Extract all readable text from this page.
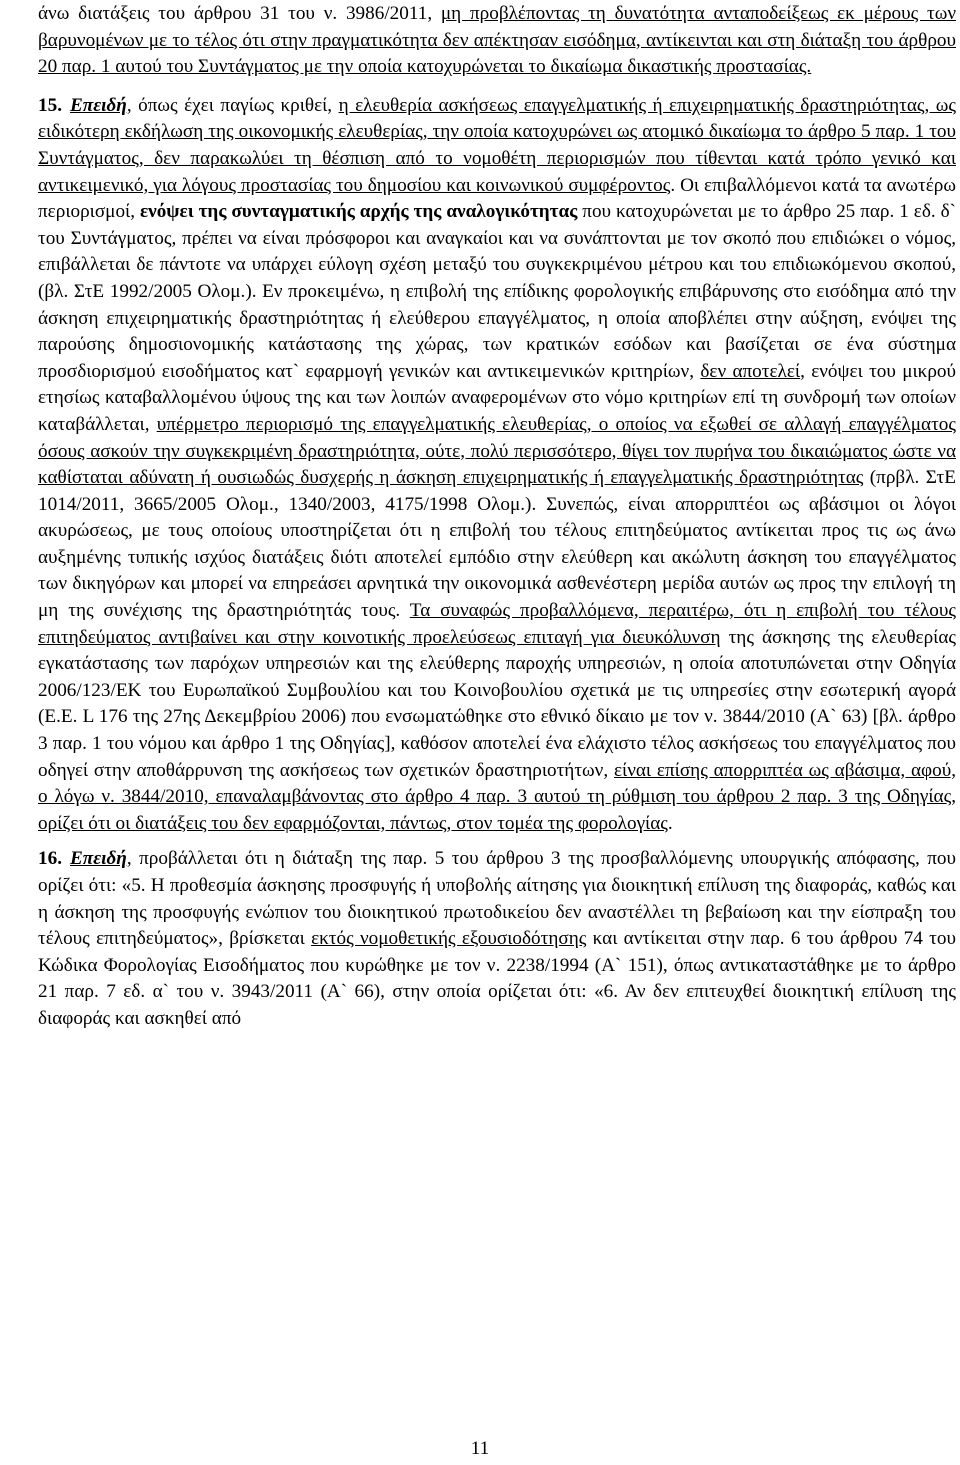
άνω διατάξεις του άρθρου 31 του ν. 3986/2011, μη προβλέποντας τη δυνατότητα ανταποδείξεως εκ μέρους των βαρυνομένων με το τέλος ότι στην πραγματικότητα δεν απέκτησαν εισόδημα, αντίκεινται και στη διάταξη του άρθρου 20 παρ. 1 αυτού του Συντάγματος με την οποία κατοχυρώνεται το δικαίωμα δικαστικής προστασίας.

15. Επειδή, όπως έχει παγίως κριθεί, η ελευθερία ασκήσεως επαγγελματικής ή επιχειρηματικής δραστηριότητας, ως ειδικότερη εκδήλωση της οικονομικής ελευθερίας, την οποία κατοχυρώνει ως ατομικό δικαίωμα το άρθρο 5 παρ. 1 του Συντάγματος, δεν παρακωλύει τη θέσπιση από το νομοθέτη περιορισμών που τίθενται κατά τρόπο γενικό και αντικειμενικό, για λόγους προστασίας του δημοσίου και κοινωνικού συμφέροντος. Οι επιβαλλόμενοι κατά τα ανωτέρω περιορισμοί, ενόψει της συνταγματικής αρχής της αναλογικότητας που κατοχυρώνεται με το άρθρο 25 παρ. 1 εδ. δ` του Συντάγματος, πρέπει να είναι πρόσφοροι και αναγκαίοι και να συνάπτονται με τον σκοπό που επιδιώκει ο νόμος, επιβάλλεται δε πάντοτε να υπάρχει εύλογη σχέση μεταξύ του συγκεκριμένου μέτρου και του επιδιωκόμενου σκοπού, (βλ. ΣτΕ 1992/2005 Ολομ.). Εν προκειμένω, η επιβολή της επίδικης φορολογικής επιβάρυνσης στο εισόδημα από την άσκηση επιχειρηματικής δραστηριότητας ή ελεύθερου επαγγέλματος, η οποία αποβλέπει στην αύξηση, ενόψει της παρούσης δημοσιονομικής κατάστασης της χώρας, των κρατικών εσόδων και βασίζεται σε ένα σύστημα προσδιορισμού εισοδήματος κατ` εφαρμογή γενικών και αντικειμενικών κριτηρίων, δεν αποτελεί, ενόψει του μικρού ετησίως καταβαλλομένου ύψους της και των λοιπών αναφερομένων στο νόμο κριτηρίων επί τη συνδρομή των οποίων καταβάλλεται, υπέρμετρο περιορισμό της επαγγελματικής ελευθερίας, ο οποίος να εξωθεί σε αλλαγή επαγγέλματος όσους ασκούν την συγκεκριμένη δραστηριότητα, ούτε, πολύ περισσότερο, θίγει τον πυρήνα του δικαιώματος ώστε να καθίσταται αδύνατη ή ουσιωδώς δυσχερής η άσκηση επιχειρηματικής ή επαγγελματικής δραστηριότητας (πρβλ. ΣτΕ 1014/2011, 3665/2005 Ολομ., 1340/2003, 4175/1998 Ολομ.). Συνεπώς, είναι απορριπτέοι ως αβάσιμοι οι λόγοι ακυρώσεως, με τους οποίους υποστηρίζεται ότι η επιβολή του τέλους επιτηδεύματος αντίκειται προς τις ως άνω αυξημένης τυπικής ισχύος διατάξεις διότι αποτελεί εμπόδιο στην ελεύθερη και ακώλυτη άσκηση του επαγγέλματος των δικηγόρων και μπορεί να επηρεάσει αρνητικά την οικονομικά ασθενέστερη μερίδα αυτών ως προς την επιλογή τη μη της συνέχισης της δραστηριότητάς τους. Τα συναφώς προβαλλόμενα, περαιτέρω, ότι η επιβολή του τέλους επιτηδεύματος αντιβαίνει και στην κοινοτικής προελεύσεως επιταγή για διευκόλυνση της άσκησης της ελευθερίας εγκατάστασης των παρόχων υπηρεσιών και της ελεύθερης παροχής υπηρεσιών, η οποία αποτυπώνεται στην Οδηγία 2006/123/ΕΚ του Ευρωπαϊκού Συμβουλίου και του Κοινοβουλίου σχετικά με τις υπηρεσίες στην εσωτερική αγορά (Ε.Ε. L 176 της 27ης Δεκεμβρίου 2006) που ενσωματώθηκε στο εθνικό δίκαιο με τον ν. 3844/2010 (Α` 63) [βλ. άρθρο 3 παρ. 1 του νόμου και άρθρο 1 της Οδηγίας], καθόσον αποτελεί ένα ελάχιστο τέλος ασκήσεως του επαγγέλματος που οδηγεί στην αποθάρρυνση της ασκήσεως των σχετικών δραστηριοτήτων, είναι επίσης απορριπτέα ως αβάσιμα, αφού, ο λόγω ν. 3844/2010, επαναλαμβάνοντας στο άρθρο 4 παρ. 3 αυτού τη ρύθμιση του άρθρου 2 παρ. 3 της Οδηγίας, ορίζει ότι οι διατάξεις του δεν εφαρμόζονται, πάντως, στον τομέα της φορολογίας.

16. Επειδή, προβάλλεται ότι η διάταξη της παρ. 5 του άρθρου 3 της προσβαλλόμενης υπουργικής απόφασης, που ορίζει ότι: «5. Η προθεσμία άσκησης προσφυγής ή υποβολής αίτησης για διοικητική επίλυση της διαφοράς, καθώς και η άσκηση της προσφυγής ενώπιον του διοικητικού πρωτοδικείου δεν αναστέλλει τη βεβαίωση και την είσπραξη του τέλους επιτηδεύματος», βρίσκεται εκτός νομοθετικής εξουσιοδότησης και αντίκειται στην παρ. 6 του άρθρου 74 του Κώδικα Φορολογίας Εισοδήματος που κυρώθηκε με τον ν. 2238/1994 (Α` 151), όπως αντικαταστάθηκε με το άρθρο 21 παρ. 7 εδ. α` του ν. 3943/2011 (Α` 66), στην οποία ορίζεται ότι: «6. Αν δεν επιτευχθεί διοικητική επίλυση της διαφοράς και ασκηθεί από

11
